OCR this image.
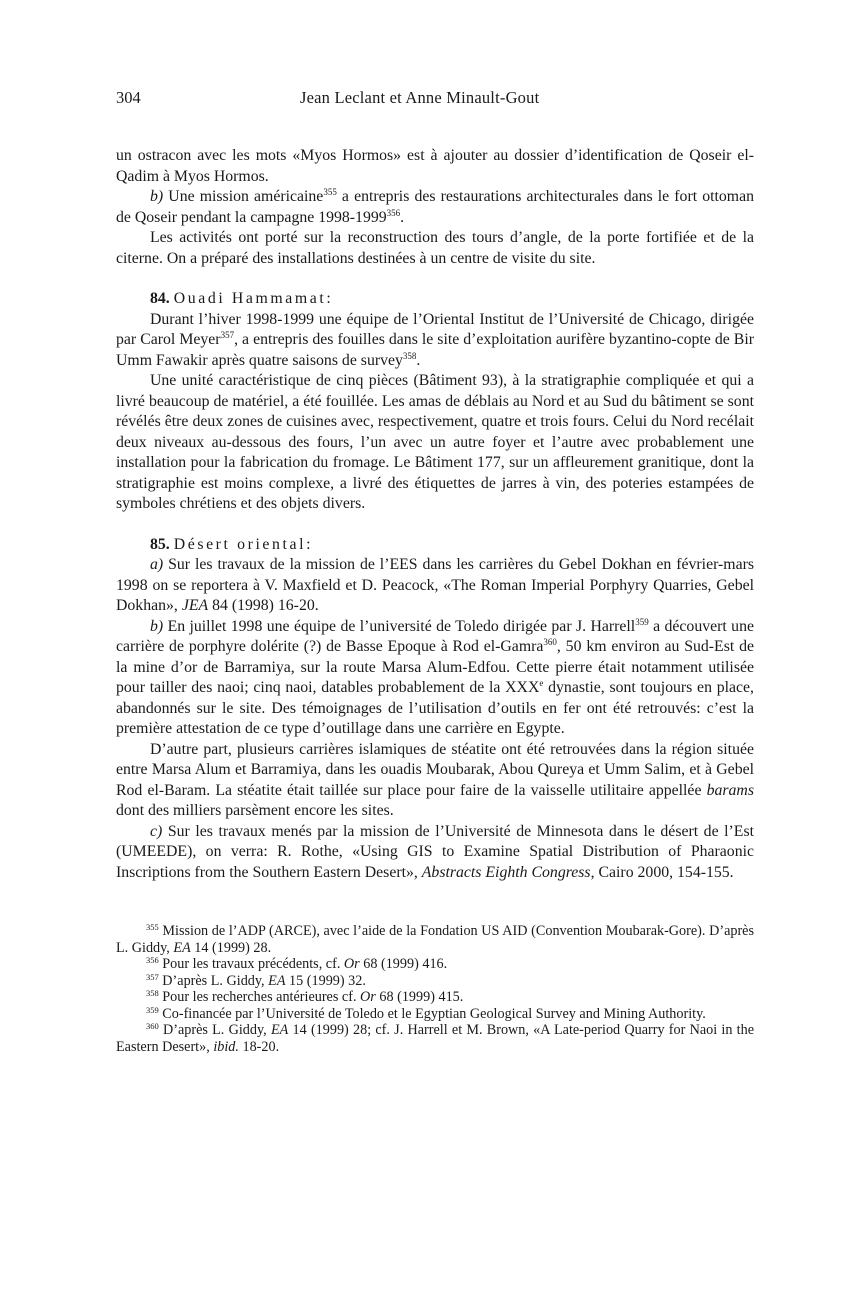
304	Jean Leclant et Anne Minault-Gout

un ostracon avec les mots «Myos Hormos» est à ajouter au dossier d’identification de Qoseir el-Qadim à Myos Hormos.

b) Une mission américaine$^{355}$ a entrepris des restaurations architecturales dans le fort ottoman de Qoseir pendant la campagne 1998-1999$^{356}$.

Les activités ont porté sur la reconstruction des tours d’angle, de la porte fortifiée et de la citerne. On a préparé des installations destinées à un centre de visite du site.

84. Ouadi Hammamat:

Durant l’hiver 1998-1999 une équipe de l’Oriental Institut de l’Université de Chicago, dirigée par Carol Meyer$^{357}$, a entrepris des fouilles dans le site d’exploitation aurifère byzantino-copte de Bir Umm Fawakir après quatre saisons de survey$^{358}$.

Une unité caractéristique de cinq pièces (Bâtiment 93), à la stratigraphie compliquée et qui a livré beaucoup de matériel, a été fouillée. Les amas de déblais au Nord et au Sud du bâtiment se sont révélés être deux zones de cuisines avec, respectivement, quatre et trois fours. Celui du Nord recélait deux niveaux au-dessous des fours, l’un avec un autre foyer et l’autre avec probablement une installation pour la fabrication du fromage. Le Bâtiment 177, sur un affleurement granitique, dont la stratigraphie est moins complexe, a livré des étiquettes de jarres à vin, des poteries estampées de symboles chrétiens et des objets divers.

85. Désert oriental:

a) Sur les travaux de la mission de l’EES dans les carrières du Gebel Dokhan en février-mars 1998 on se reportera à V. Maxfield et D. Peacock, «The Roman Imperial Porphyry Quarries, Gebel Dokhan», JEA 84 (1998) 16-20.

b) En juillet 1998 une équipe de l’université de Toledo dirigée par J. Harrell$^{359}$ a découvert une carrière de porphyre dolérite (?) de Basse Epoque à Rod el-Gamra$^{360}$, 50 km environ au Sud-Est de la mine d’or de Barramiya, sur la route Marsa Alum-Edfou. Cette pierre était notamment utilisée pour tailler des naoi; cinq naoi, datables probablement de la XXXe dynastie, sont toujours en place, abandonnés sur le site. Des témoignages de l’utilisation d’outils en fer ont été retrouvés: c’est la première attestation de ce type d’outillage dans une carrière en Egypte.

D’autre part, plusieurs carrières islamiques de stéatite ont été retrouvées dans la région située entre Marsa Alum et Barramiya, dans les ouadis Moubarak, Abou Qureya et Umm Salim, et à Gebel Rod el-Baram. La stéatite était taillée sur place pour faire de la vaisselle utilitaire appellée barams dont des milliers parsèment encore les sites.

c) Sur les travaux menés par la mission de l’Université de Minnesota dans le désert de l’Est (UMEEDE), on verra: R. Rothe, «Using GIS to Examine Spatial Distribution of Pharaonic Inscriptions from the Southern Eastern Desert», Abstracts Eighth Congress, Cairo 2000, 154-155.

$^{355}$ Mission de l’ADP (ARCE), avec l’aide de la Fondation US AID (Convention Moubarak-Gore). D’après L. Giddy, EA 14 (1999) 28.

$^{356}$ Pour les travaux précédents, cf. Or 68 (1999) 416.

$^{357}$ D’après L. Giddy, EA 15 (1999) 32.

$^{358}$ Pour les recherches antérieures cf. Or 68 (1999) 415.

$^{359}$ Co-financée par l’Université de Toledo et le Egyptian Geological Survey and Mining Authority.

$^{360}$ D’après L. Giddy, EA 14 (1999) 28; cf. J. Harrell et M. Brown, «A Late-period Quarry for Naoi in the Eastern Desert», ibid. 18-20.
